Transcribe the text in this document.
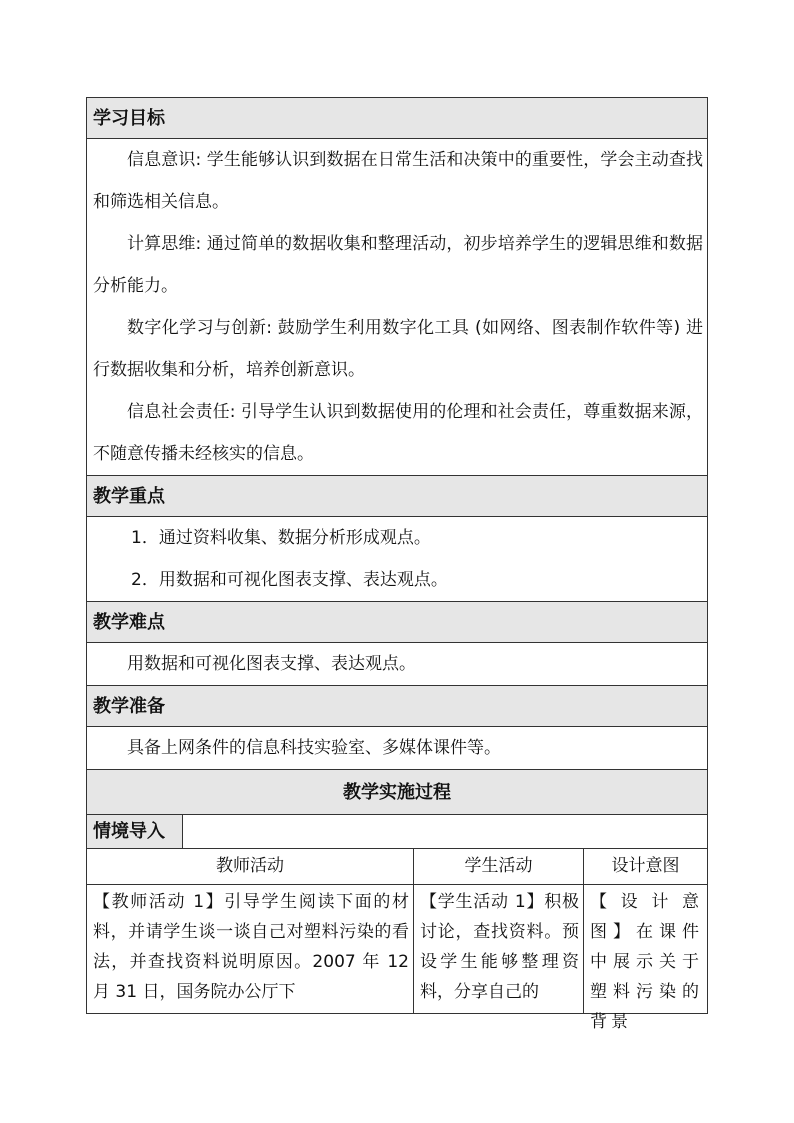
学习目标

信息意识: 学生能够认识到数据在日常生活和决策中的重要性，学会主动查找和筛选相关信息。

计算思维: 通过简单的数据收集和整理活动，初步培养学生的逻辑思维和数据分析能力。

数字化学习与创新: 鼓励学生利用数字化工具 (如网络、图表制作软件等) 进行数据收集和分析，培养创新意识。

信息社会责任: 引导学生认识到数据使用的伦理和社会责任，尊重数据来源，不随意传播未经核实的信息。

教学重点
1．通过资料收集、数据分析形成观点。
2．用数据和可视化图表支撑、表达观点。
教学难点

用数据和可视化图表支撑、表达观点。

教学准备

具备上网条件的信息科技实验室、多媒体课件等。

教学实施过程
情境导入
教师活动	学生活动	设计意图
【教师活动 1】引导学生阅读下面的材料，并请学生谈一谈自己对塑料污染的看法，并查找资料说明原因。2007 年 12 月 31 日，国务院办公厅下
【学生活动 1】积极讨论，查找资料。预设学生能够整理资料，分享自己的
【设计意图】在课件中展示关于塑料污染的背景
